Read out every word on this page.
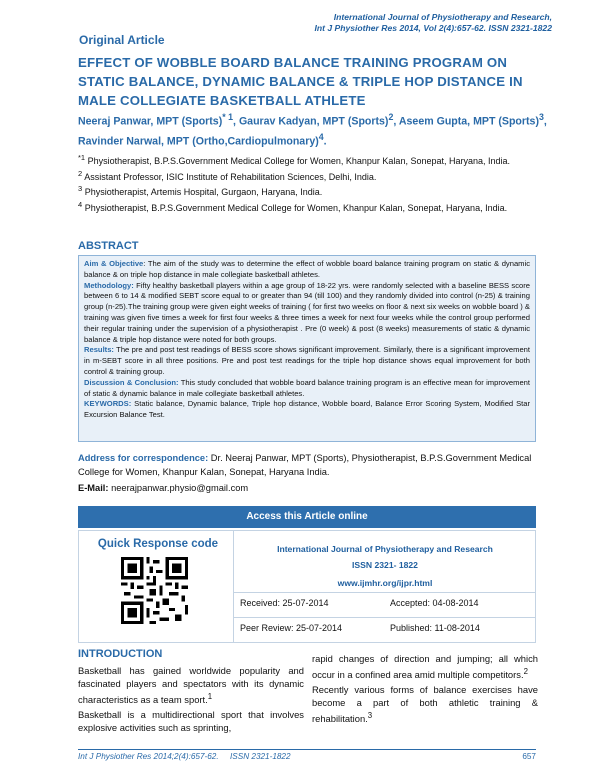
International Journal of Physiotherapy and Research,
Int J Physiother Res 2014, Vol 2(4):657-62. ISSN 2321-1822
Original Article
EFFECT OF WOBBLE BOARD BALANCE TRAINING PROGRAM ON STATIC BALANCE, DYNAMIC BALANCE & TRIPLE HOP DISTANCE IN MALE COLLEGIATE BASKETBALL ATHLETE
Neeraj Panwar, MPT (Sports)$^{* 1}$, Gaurav Kadyan, MPT (Sports)$^2$, Aseem Gupta, MPT (Sports)$^3$, Ravinder Narwal, MPT (Ortho,Cardiopulmonary)$^4$.

$^{*1}$ Physiotherapist, B.P.S.Government Medical College for Women, Khanpur Kalan, Sonepat, Haryana, India.

$^2$ Assistant Professor, ISIC Institute of Rehabilitation Sciences, Delhi, India.

$^3$ Physiotherapist, Artemis Hospital, Gurgaon, Haryana, India.

$^4$ Physiotherapist, B.P.S.Government Medical College for Women, Khanpur Kalan, Sonepat, Haryana, India.

ABSTRACT

Aim & Objective: The aim of the study was to determine the effect of wobble board balance training program on static & dynamic balance & on triple hop distance in male collegiate basketball athletes.

Methodology: Fifty healthy basketball players within a age group of 18-22 yrs. were randomly selected with a baseline BESS score between 6 to 14 & modified SEBT score equal to or greater than 94 (till 100) and they randomly divided into control (n-25) & training group (n-25).The training group were given eight weeks of training ( for first two weeks on floor & next six weeks on wobble board ) & training was given five times a week for first four weeks & three times a week for next four weeks while the control group performed their regular training under the supervision of a physiotherapist . Pre (0 week) & post (8 weeks) measurements of static & dynamic balance & triple hop distance were noted for both groups.

Results: The pre and post test readings of BESS score shows significant improvement. Similarly, there is a significant improvement in m-SEBT score in all three positions. Pre and post test readings for the triple hop distance shows equal improvement for both control & training group.

Discussion & Conclusion: This study concluded that wobble board balance training program is an effective mean for improvement of static & dynamic balance in male collegiate basketball athletes.

KEYWORDS: Static balance, Dynamic balance, Triple hop distance, Wobble board, Balance Error Scoring System, Modified Star Excursion Balance Test.

Address for correspondence: Dr. Neeraj Panwar, MPT (Sports), Physiotherapist, B.P.S.Government Medical College for Women, Khanpur Kalan, Sonepat, Haryana India.
E-Mail: neerajpanwar.physio@gmail.com
Access this Article online
Quick Response code	International Journal of Physiotherapy and Research
ISSN 2321- 1822
www.ijmhr.org/ijpr.html
Received: 25-07-2014	Accepted: 04-08-2014
Peer Review: 25-07-2014	Published: 11-08-2014
INTRODUCTION

Basketball has gained worldwide popularity and fascinated players and spectators with its dynamic characteristics as a team sport.$^1$

Basketball is a multidirectional sport that involves explosive activities such as sprinting,

rapid changes of direction and jumping; all which occur in a confined area amid multiple competitors.$^2$

Recently various forms of balance exercises have become a part of both athletic training & rehabilitation.$^3$

Int J Physiother Res 2014;2(4):657-62.     ISSN 2321-1822	657
